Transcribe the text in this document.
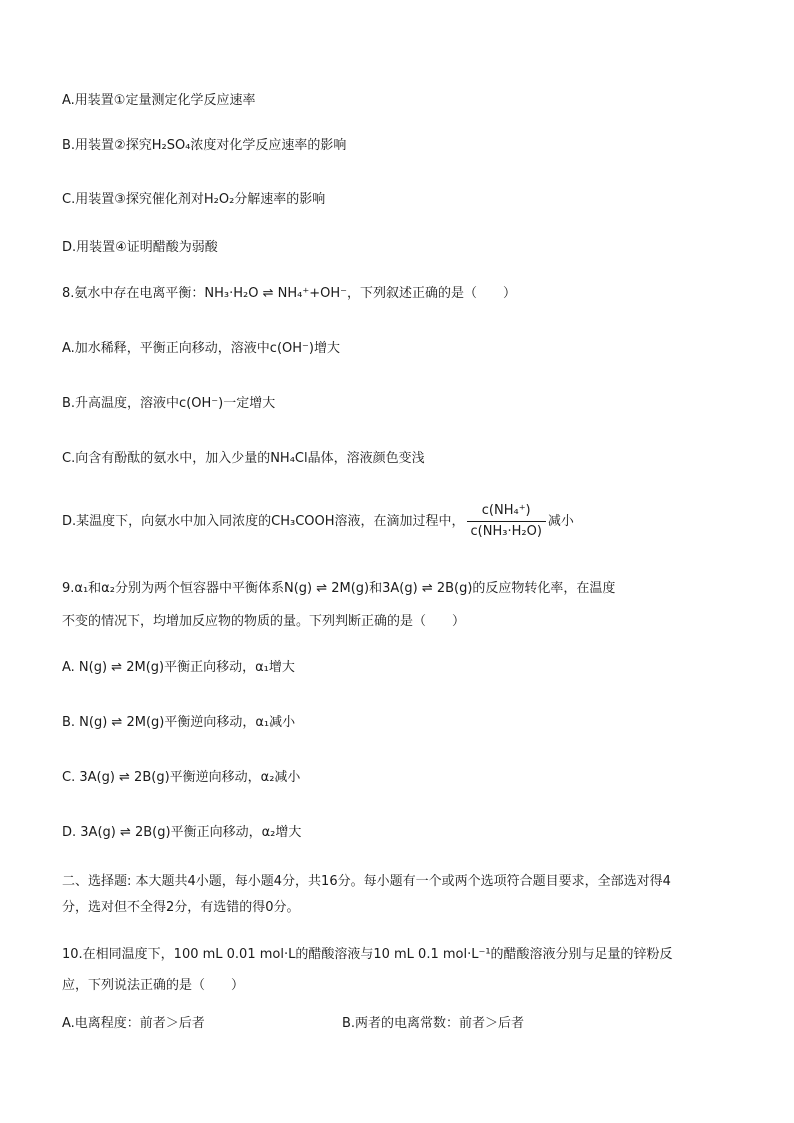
A.用装置①定量测定化学反应速率
B.用装置②探究H₂SO₄浓度对化学反应速率的影响
C.用装置③探究催化剂对H₂O₂分解速率的影响
D.用装置④证明醋酸为弱酸
8.氨水中存在电离平衡：NH₃·H₂O ⇌ NH₄⁺+OH⁻，下列叙述正确的是（　　）
A.加水稀释，平衡正向移动，溶液中c(OH⁻)增大
B.升高温度，溶液中c(OH⁻)一定增大
C.向含有酚酞的氨水中，加入少量的NH₄Cl晶体，溶液颜色变浅
D.某温度下，向氨水中加入同浓度的CH₃COOH溶液，在滴加过程中， $\frac{\text{c(NH₄⁺)}}{\text{c(NH₃·H₂O)}}$ 减小
9.α₁和α₂分别为两个恒容器中平衡体系N(g) ⇌ 2M(g)和3A(g) ⇌ 2B(g)的反应物转化率，在温度
不变的情况下，均增加反应物的物质的量。下列判断正确的是（　　）
A. N(g) ⇌ 2M(g)平衡正向移动，α₁增大
B. N(g) ⇌ 2M(g)平衡逆向移动，α₁减小
C. 3A(g) ⇌ 2B(g)平衡逆向移动，α₂减小
D. 3A(g) ⇌ 2B(g)平衡正向移动，α₂增大
二、选择题: 本大题共4小题，每小题4分，共16分。每小题有一个或两个选项符合题目要求，全部选对得4
分，选对但不全得2分，有选错的得0分。
10.在相同温度下，100 mL 0.01 mol·L的醋酸溶液与10 mL 0.1 mol·L⁻¹的醋酸溶液分别与足量的锌粉反
应，下列说法正确的是（　　）
A.电离程度：前者＞后者	B.两者的电离常数：前者＞后者
